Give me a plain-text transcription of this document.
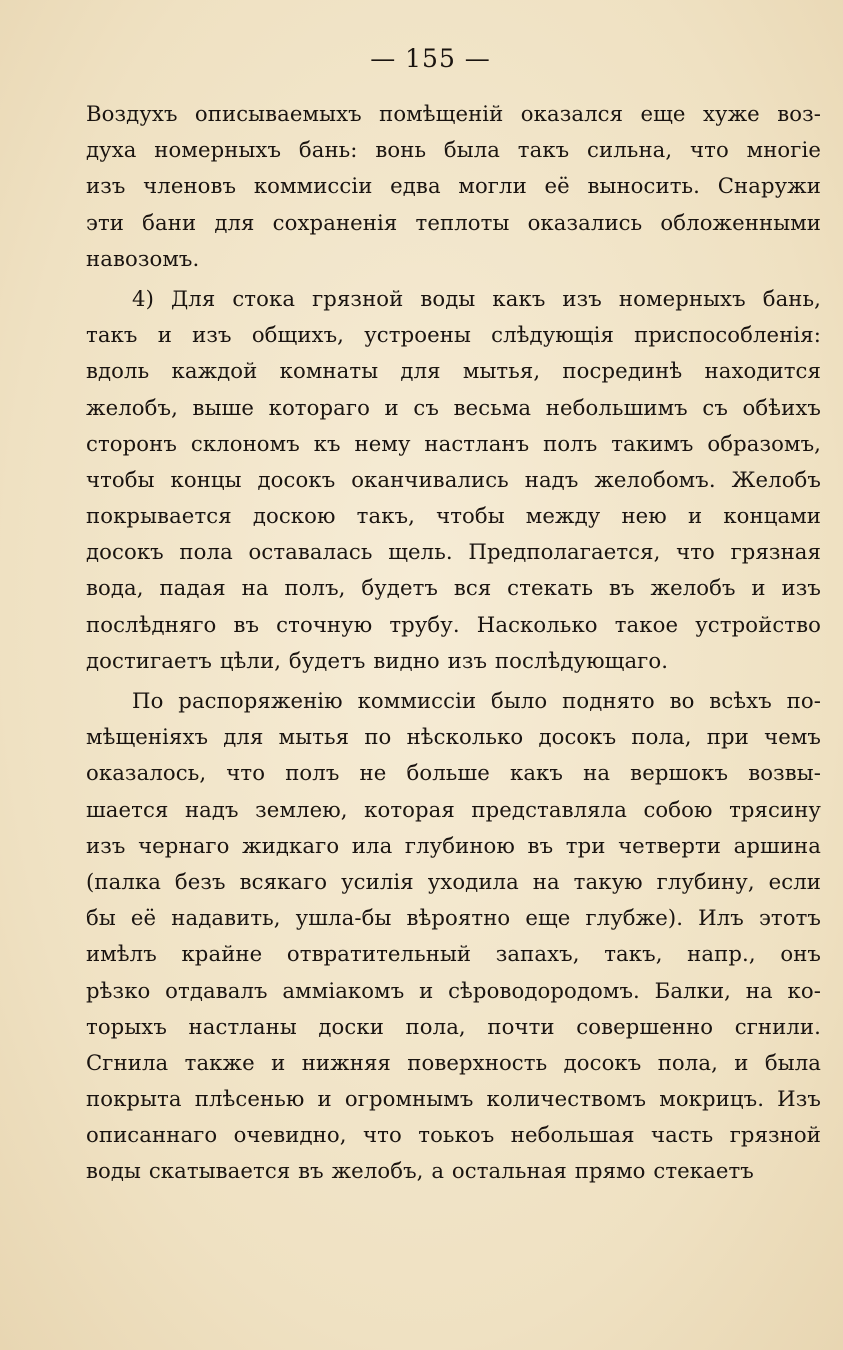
— 155 —
Воздухъ описываемыхъ помѣщеній оказался еще хуже воз-
духа номерныхъ бань: вонь была такъ сильна, что многіе
изъ членовъ коммиссіи едва могли её выносить. Снаружи
эти бани для сохраненія теплоты оказались обложенными
навозомъ.
4) Для стока грязной воды какъ изъ номерныхъ бань,
такъ и изъ общихъ, устроены слѣдующія приспособленія:
вдоль каждой комнаты для мытья, посрединѣ находится
желобъ, выше котораго и съ весьма небольшимъ съ обѣихъ
сторонъ склономъ къ нему настланъ полъ такимъ образомъ,
чтобы концы досокъ оканчивались надъ желобомъ. Желобъ
покрывается доскою такъ, чтобы между нею и концами
досокъ пола оставалась щель. Предполагается, что грязная
вода, падая на полъ, будетъ вся стекать въ желобъ и изъ
послѣдняго въ сточную трубу. Насколько такое устройство
достигаетъ цѣли, будетъ видно изъ послѣдующаго.
По распоряженію коммиссіи было поднято во всѣхъ по-
мѣщеніяхъ для мытья по нѣсколько досокъ пола, при чемъ
оказалось, что полъ не больше какъ на вершокъ возвы-
шается надъ землею, которая представляла собою трясину
изъ чернаго жидкаго ила глубиною въ три четверти аршина
(палка безъ всякаго усилія уходила на такую глубину, если
бы её надавить, ушла-бы вѣроятно еще глубже). Илъ этотъ
имѣлъ крайне отвратительный запахъ, такъ, напр., онъ
рѣзко отдавалъ амміакомъ и сѣроводородомъ. Балки, на ко-
торыхъ настланы доски пола, почти совершенно сгнили.
Сгнила также и нижняя поверхность досокъ пола, и была
покрыта плѣсенью и огромнымъ количествомъ мокрицъ. Изъ
описаннаго очевидно, что тоькоъ небольшая часть грязной
воды скатывается въ желобъ, а остальная прямо стекаетъ
